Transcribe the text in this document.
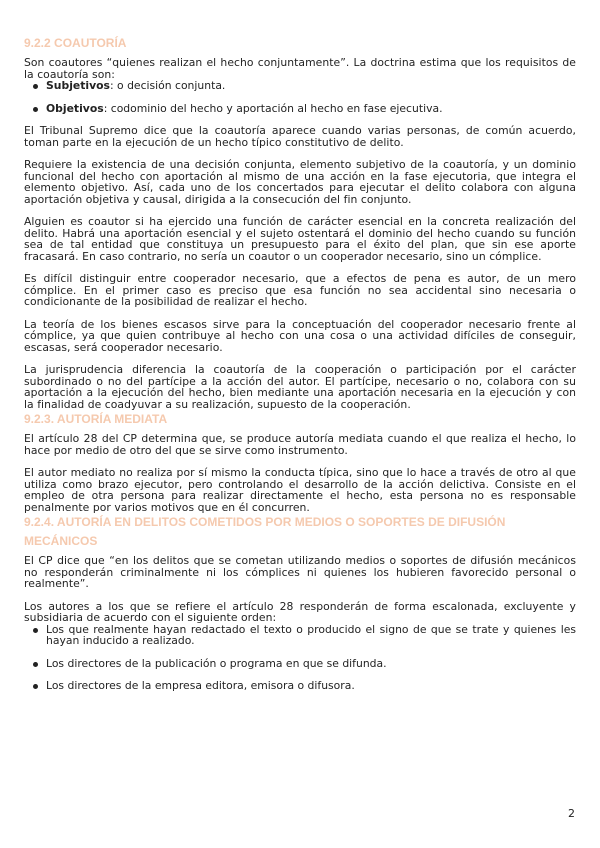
9.2.2 COAUTORÍA

Son coautores “quienes realizan el hecho conjuntamente”. La doctrina estima que los requisitos de la coautoría son:

Subjetivos: o decisión conjunta.
Objetivos: codominio del hecho y aportación al hecho en fase ejecutiva.

El Tribunal Supremo dice que la coautoría aparece cuando varias personas, de común acuerdo, toman parte en la ejecución de un hecho típico constitutivo de delito.

Requiere la existencia de una decisión conjunta, elemento subjetivo de la coautoría, y un dominio funcional del hecho con aportación al mismo de una acción en la fase ejecutoria, que integra el elemento objetivo. Así, cada uno de los concertados para ejecutar el delito colabora con alguna aportación objetiva y causal, dirigida a la consecución del fin conjunto.

Alguien es coautor si ha ejercido una función de carácter esencial en la concreta realización del delito. Habrá una aportación esencial y el sujeto ostentará el dominio del hecho cuando su función sea de tal entidad que constituya un presupuesto para el éxito del plan, que sin ese aporte fracasará. En caso contrario, no sería un coautor o un cooperador necesario, sino un cómplice.

Es difícil distinguir entre cooperador necesario, que a efectos de pena es autor, de un mero cómplice. En el primer caso es preciso que esa función no sea accidental sino necesaria o condicionante de la posibilidad de realizar el hecho.

La teoría de los bienes escasos sirve para la conceptuación del cooperador necesario frente al cómplice, ya que quien contribuye al hecho con una cosa o una actividad difíciles de conseguir, escasas, será cooperador necesario.

La jurisprudencia diferencia la coautoría de la cooperación o participación por el carácter subordinado o no del partícipe a la acción del autor. El partícipe, necesario o no, colabora con su aportación a la ejecución del hecho, bien mediante una aportación necesaria en la ejecución y con la finalidad de coadyuvar a su realización, supuesto de la cooperación.

9.2.3. AUTORÍA MEDIATA

El artículo 28 del CP determina que, se produce autoría mediata cuando el que realiza el hecho, lo hace por medio de otro del que se sirve como instrumento.

El autor mediato no realiza por sí mismo la conducta típica, sino que lo hace a través de otro al que utiliza como brazo ejecutor, pero controlando el desarrollo de la acción delictiva. Consiste en el empleo de otra persona para realizar directamente el hecho, esta persona no es responsable penalmente por varios motivos que en él concurren.

9.2.4. AUTORÍA EN DELITOS COMETIDOS POR MEDIOS O SOPORTES DE DIFUSIÓN MECÁNICOS

El CP dice que “en los delitos que se cometan utilizando medios o soportes de difusión mecánicos no responderán criminalmente ni los cómplices ni quienes los hubieren favorecido personal o realmente”.

Los autores a los que se refiere el artículo 28 responderán de forma escalonada, excluyente y subsidiaria de acuerdo con el siguiente orden:

Los que realmente hayan redactado el texto o producido el signo de que se trate y quienes les hayan inducido a realizado.
Los directores de la publicación o programa en que se difunda.
Los directores de la empresa editora, emisora o difusora.
2
